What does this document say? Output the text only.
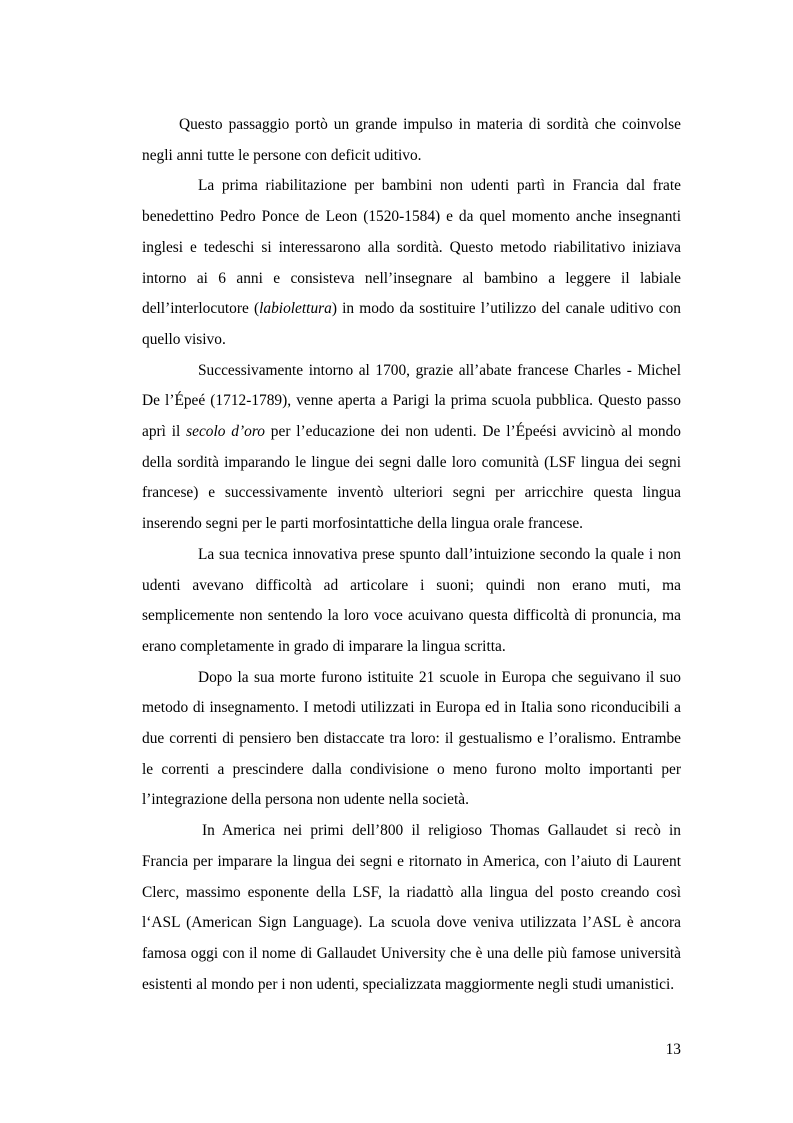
Questo passaggio portò un grande impulso in materia di sordità che coinvolse negli anni tutte le persone con deficit uditivo.

La prima riabilitazione per bambini non udenti partì in Francia dal frate benedettino Pedro Ponce de Leon (1520-1584) e da quel momento anche insegnanti inglesi e tedeschi si interessarono alla sordità. Questo metodo riabilitativo iniziava intorno ai 6 anni e consisteva nell’insegnare al bambino a leggere il labiale dell’interlocutore (labiolettura) in modo da sostituire l’utilizzo del canale uditivo con quello visivo.

Successivamente intorno al 1700, grazie all’abate francese Charles - Michel De l’Épeé (1712-1789), venne aperta a Parigi la prima scuola pubblica. Questo passo aprì il secolo d’oro per l’educazione dei non udenti. De l’Épeési avvicinò al mondo della sordità imparando le lingue dei segni dalle loro comunità (LSF lingua dei segni francese) e successivamente inventò ulteriori segni per arricchire questa lingua inserendo segni per le parti morfosintattiche della lingua orale francese.

La sua tecnica innovativa prese spunto dall’intuizione secondo la quale i non udenti avevano difficoltà ad articolare i suoni; quindi non erano muti, ma semplicemente non sentendo la loro voce acuivano questa difficoltà di pronuncia, ma erano completamente in grado di imparare la lingua scritta.

Dopo la sua morte furono istituite 21 scuole in Europa che seguivano il suo metodo di insegnamento. I metodi utilizzati in Europa ed in Italia sono riconducibili a due correnti di pensiero ben distaccate tra loro: il gestualismo e l’oralismo. Entrambe le correnti a prescindere dalla condivisione o meno furono molto importanti per l’integrazione della persona non udente nella società.

In America nei primi dell’800 il religioso Thomas Gallaudet si recò in Francia per imparare la lingua dei segni e ritornato in America, con l’aiuto di Laurent Clerc, massimo esponente della LSF, la riadattò alla lingua del posto creando così l‘ASL (American Sign Language). La scuola dove veniva utilizzata l’ASL è ancora famosa oggi con il nome di Gallaudet University che è una delle più famose università esistenti al mondo per i non udenti, specializzata maggiormente negli studi umanistici.

13
